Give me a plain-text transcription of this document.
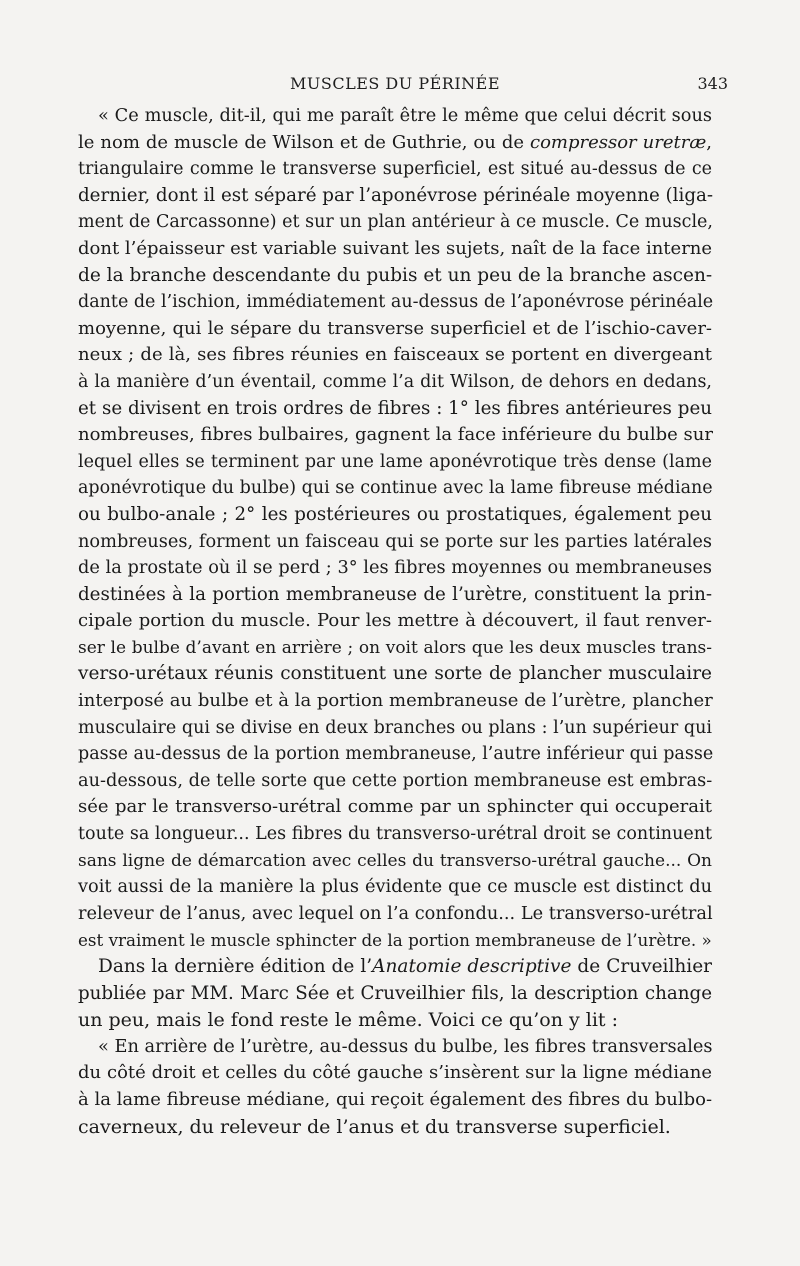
MUSCLES DU PÉRINÉE	343
« Ce muscle, dit-il, qui me paraît être le même que celui décrit sous
le nom de muscle de Wilson et de Guthrie, ou de compressor uretræ,
triangulaire comme le transverse superficiel, est situé au-dessus de ce
dernier, dont il est séparé par l’aponévrose périnéale moyenne (liga-
ment de Carcassonne) et sur un plan antérieur à ce muscle. Ce muscle,
dont l’épaisseur est variable suivant les sujets, naît de la face interne
de la branche descendante du pubis et un peu de la branche ascen-
dante de l’ischion, immédiatement au-dessus de l’aponévrose périnéale
moyenne, qui le sépare du transverse superficiel et de l’ischio-caver-
neux ; de là, ses fibres réunies en faisceaux se portent en divergeant
à la manière d’un éventail, comme l’a dit Wilson, de dehors en dedans,
et se divisent en trois ordres de fibres : 1° les fibres antérieures peu
nombreuses, fibres bulbaires, gagnent la face inférieure du bulbe sur
lequel elles se terminent par une lame aponévrotique très dense (lame
aponévrotique du bulbe) qui se continue avec la lame fibreuse médiane
ou bulbo-anale ; 2° les postérieures ou prostatiques, également peu
nombreuses, forment un faisceau qui se porte sur les parties latérales
de la prostate où il se perd ; 3° les fibres moyennes ou membraneuses
destinées à la portion membraneuse de l’urètre, constituent la prin-
cipale portion du muscle. Pour les mettre à découvert, il faut renver-
ser le bulbe d’avant en arrière ; on voit alors que les deux muscles trans-
verso-urétaux réunis constituent une sorte de plancher musculaire
interposé au bulbe et à la portion membraneuse de l’urètre, plancher
musculaire qui se divise en deux branches ou plans : l’un supérieur qui
passe au-dessus de la portion membraneuse, l’autre inférieur qui passe
au-dessous, de telle sorte que cette portion membraneuse est embras-
sée par le transverso-urétral comme par un sphincter qui occuperait
toute sa longueur... Les fibres du transverso-urétral droit se continuent
sans ligne de démarcation avec celles du transverso-urétral gauche... On
voit aussi de la manière la plus évidente que ce muscle est distinct du
releveur de l’anus, avec lequel on l’a confondu... Le transverso-urétral
est vraiment le muscle sphincter de la portion membraneuse de l’urètre. »
Dans la dernière édition de l’Anatomie descriptive de Cruveilhier
publiée par MM. Marc Sée et Cruveilhier fils, la description change
un peu, mais le fond reste le même. Voici ce qu’on y lit :
« En arrière de l’urètre, au-dessus du bulbe, les fibres transversales
du côté droit et celles du côté gauche s’insèrent sur la ligne médiane
à la lame fibreuse médiane, qui reçoit également des fibres du bulbo-
caverneux, du releveur de l’anus et du transverse superficiel.
